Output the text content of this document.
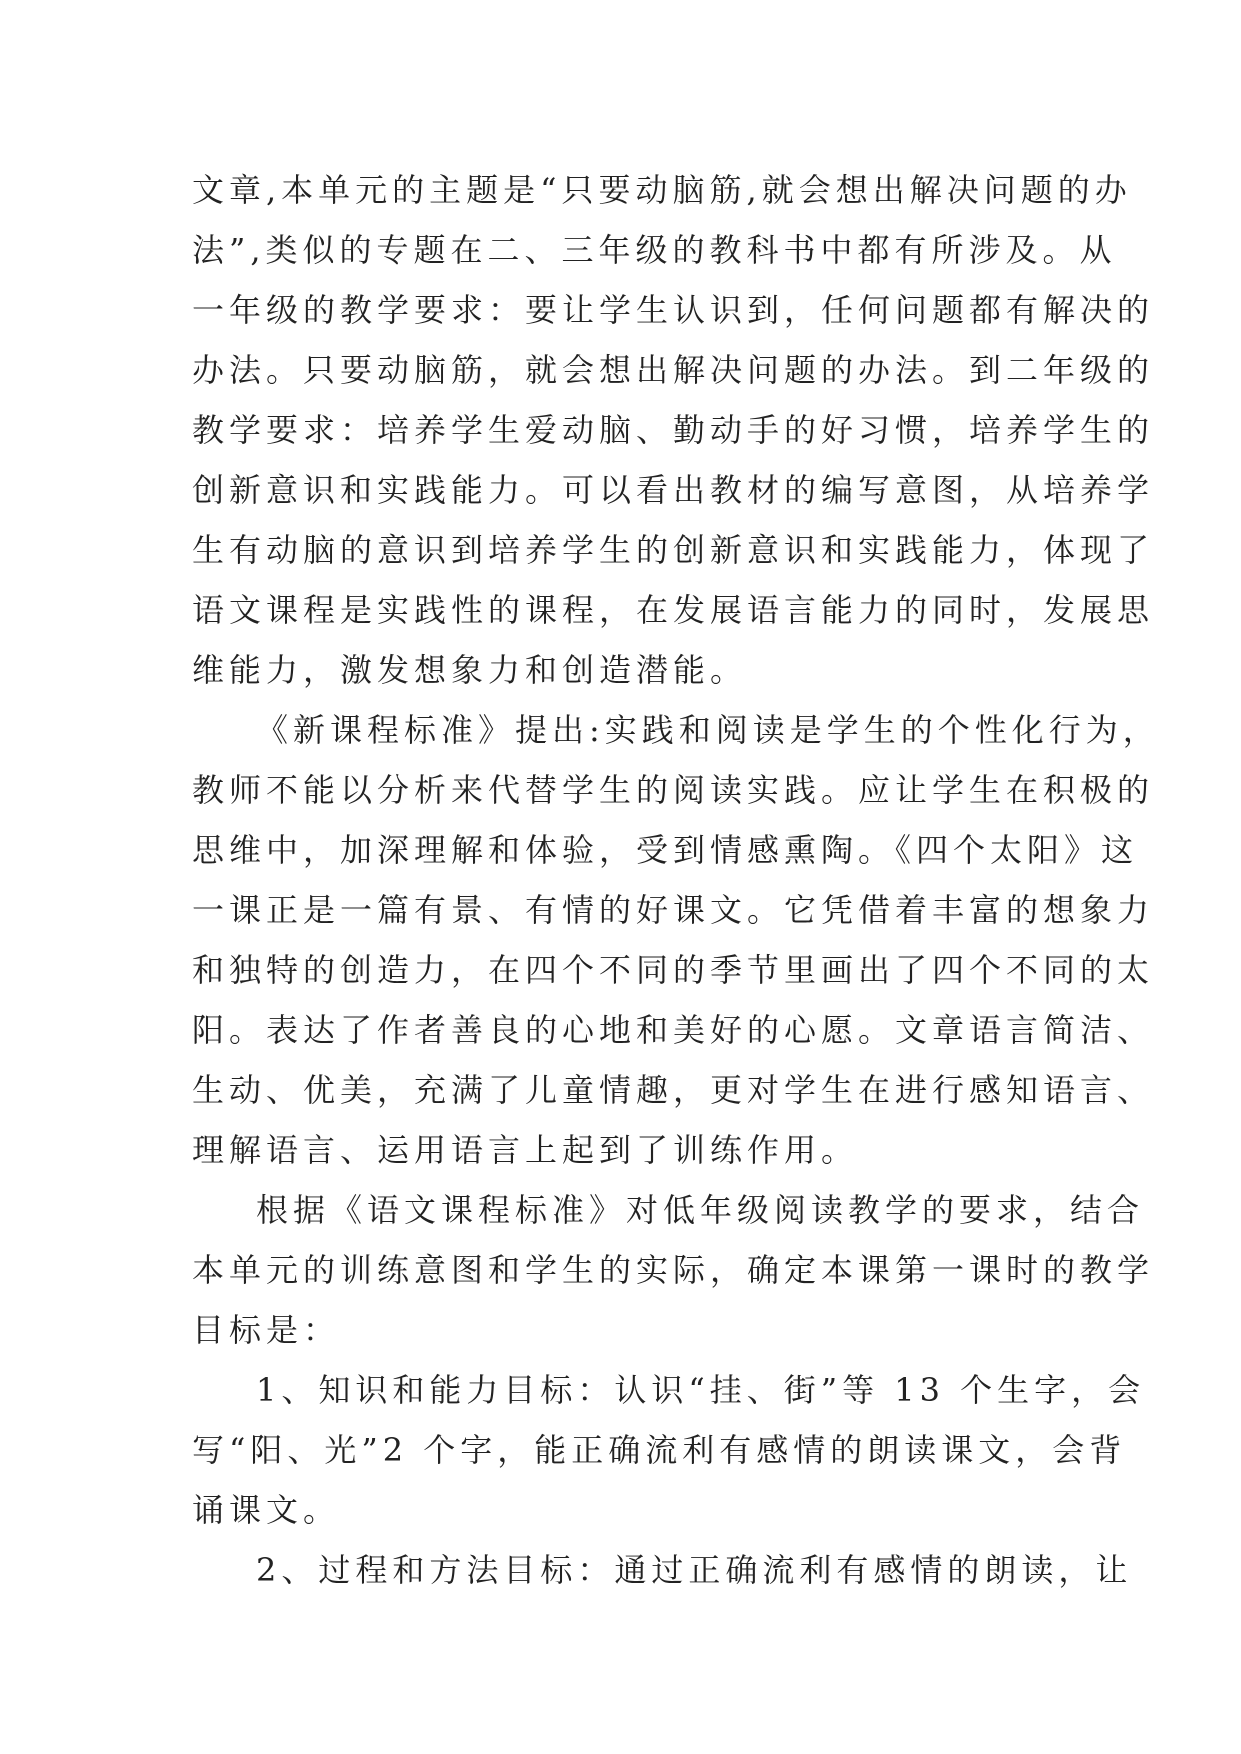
文章,本单元的主题是“只要动脑筋,就会想出解决问题的办
法”,类似的专题在二、三年级的教科书中都有所涉及。从
一年级的教学要求：要让学生认识到，任何问题都有解决的
办法。只要动脑筋，就会想出解决问题的办法。到二年级的
教学要求：培养学生爱动脑、勤动手的好习惯，培养学生的
创新意识和实践能力。可以看出教材的编写意图，从培养学
生有动脑的意识到培养学生的创新意识和实践能力，体现了
语文课程是实践性的课程，在发展语言能力的同时，发展思
维能力，激发想象力和创造潜能。
《新课程标准》提出:实践和阅读是学生的个性化行为，
教师不能以分析来代替学生的阅读实践。应让学生在积极的
思维中，加深理解和体验，受到情感熏陶。《四个太阳》这
一课正是一篇有景、有情的好课文。它凭借着丰富的想象力
和独特的创造力，在四个不同的季节里画出了四个不同的太
阳。表达了作者善良的心地和美好的心愿。文章语言简洁、
生动、优美，充满了儿童情趣，更对学生在进行感知语言、
理解语言、运用语言上起到了训练作用。
根据《语文课程标准》对低年级阅读教学的要求，结合
本单元的训练意图和学生的实际，确定本课第一课时的教学
目标是：
1、知识和能力目标：认识“挂、街”等 13 个生字，会
写“阳、光”2 个字，能正确流利有感情的朗读课文，会背
诵课文。
2、过程和方法目标：通过正确流利有感情的朗读，让
